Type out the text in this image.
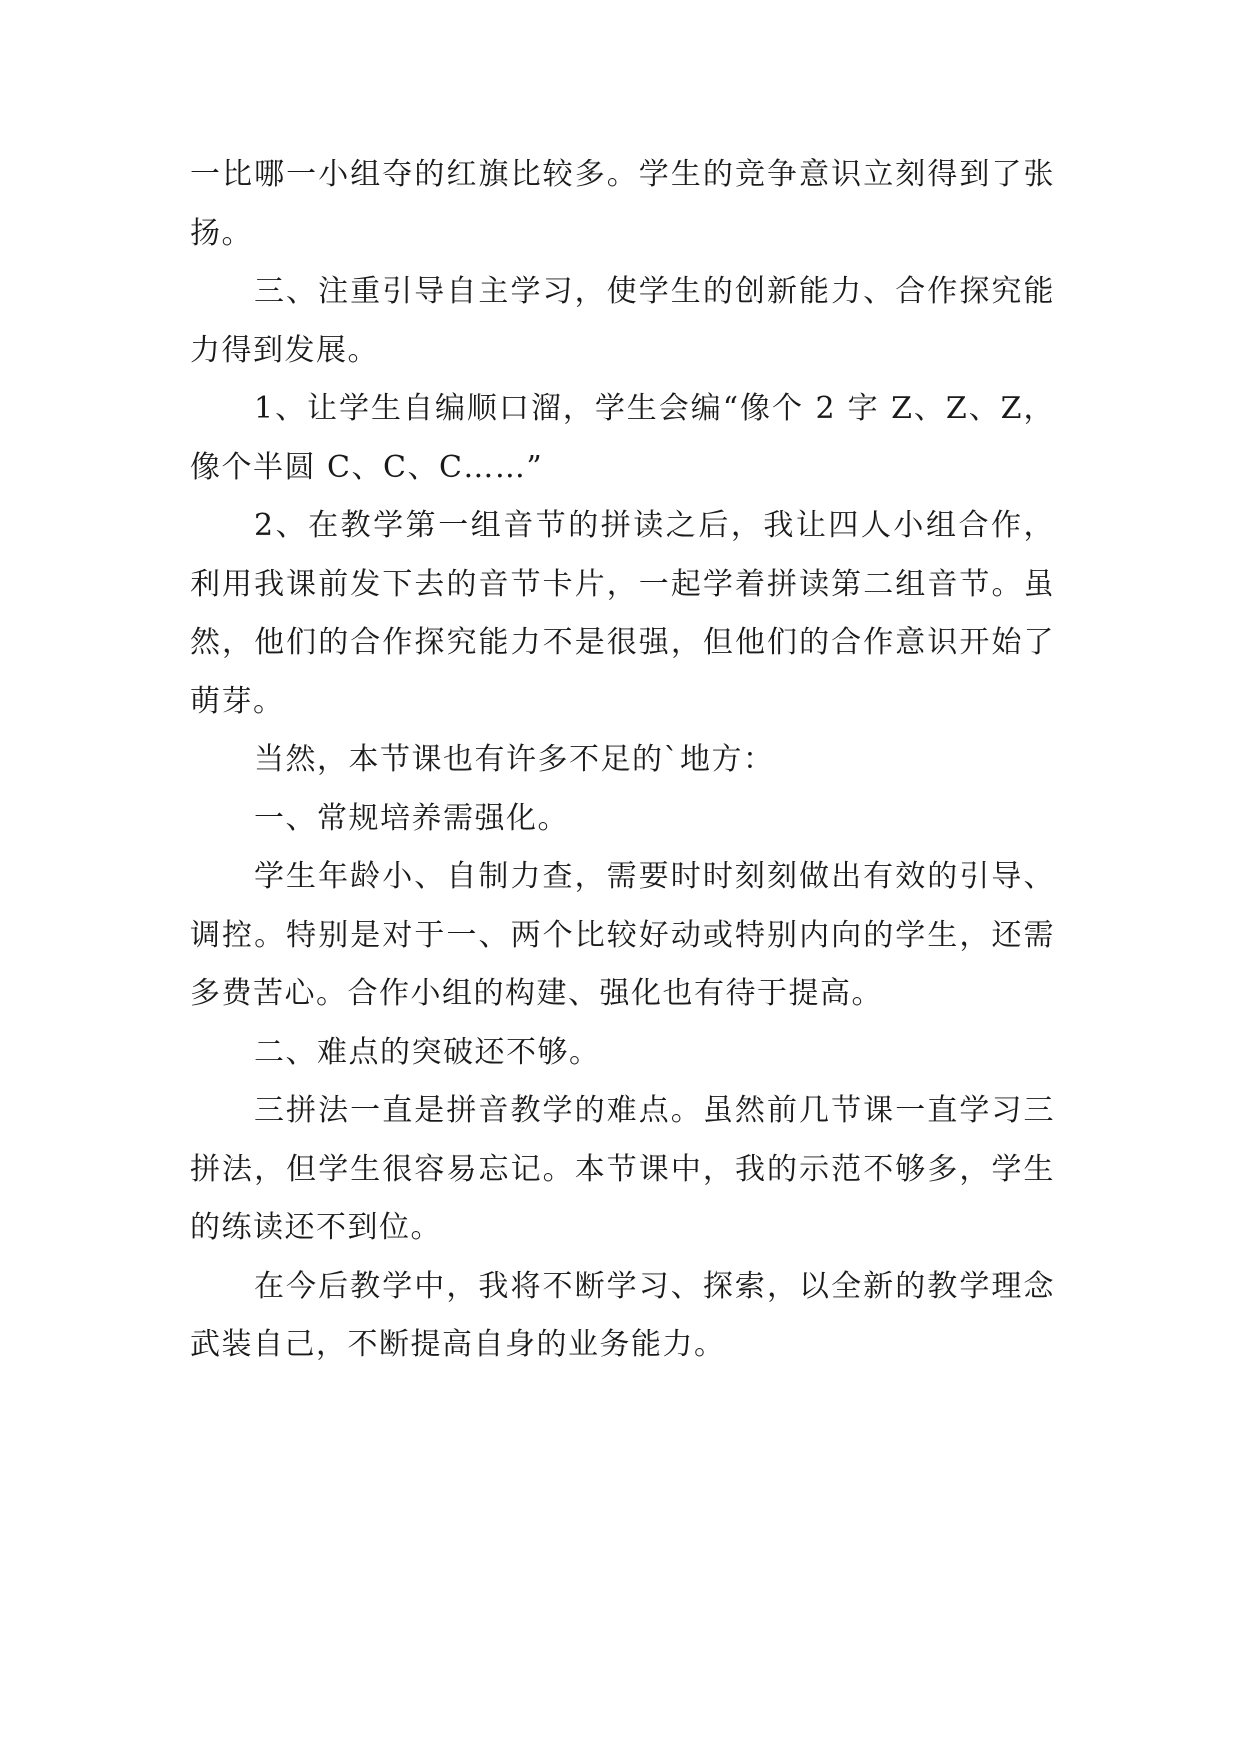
一比哪一小组夺的红旗比较多。学生的竞争意识立刻得到了张扬。

三、注重引导自主学习，使学生的创新能力、合作探究能力得到发展。

1、让学生自编顺口溜，学生会编“像个 2 字 Z、Z、Z，像个半圆 C、C、C……”

2、在教学第一组音节的拼读之后，我让四人小组合作，利用我课前发下去的音节卡片，一起学着拼读第二组音节。虽然，他们的合作探究能力不是很强，但他们的合作意识开始了萌芽。

当然，本节课也有许多不足的`地方：

一、常规培养需强化。

学生年龄小、自制力查，需要时时刻刻做出有效的引导、调控。特别是对于一、两个比较好动或特别内向的学生，还需多费苦心。合作小组的构建、强化也有待于提高。

二、难点的突破还不够。

三拼法一直是拼音教学的难点。虽然前几节课一直学习三拼法，但学生很容易忘记。本节课中，我的示范不够多，学生的练读还不到位。

在今后教学中，我将不断学习、探索，以全新的教学理念武装自己，不断提高自身的业务能力。
